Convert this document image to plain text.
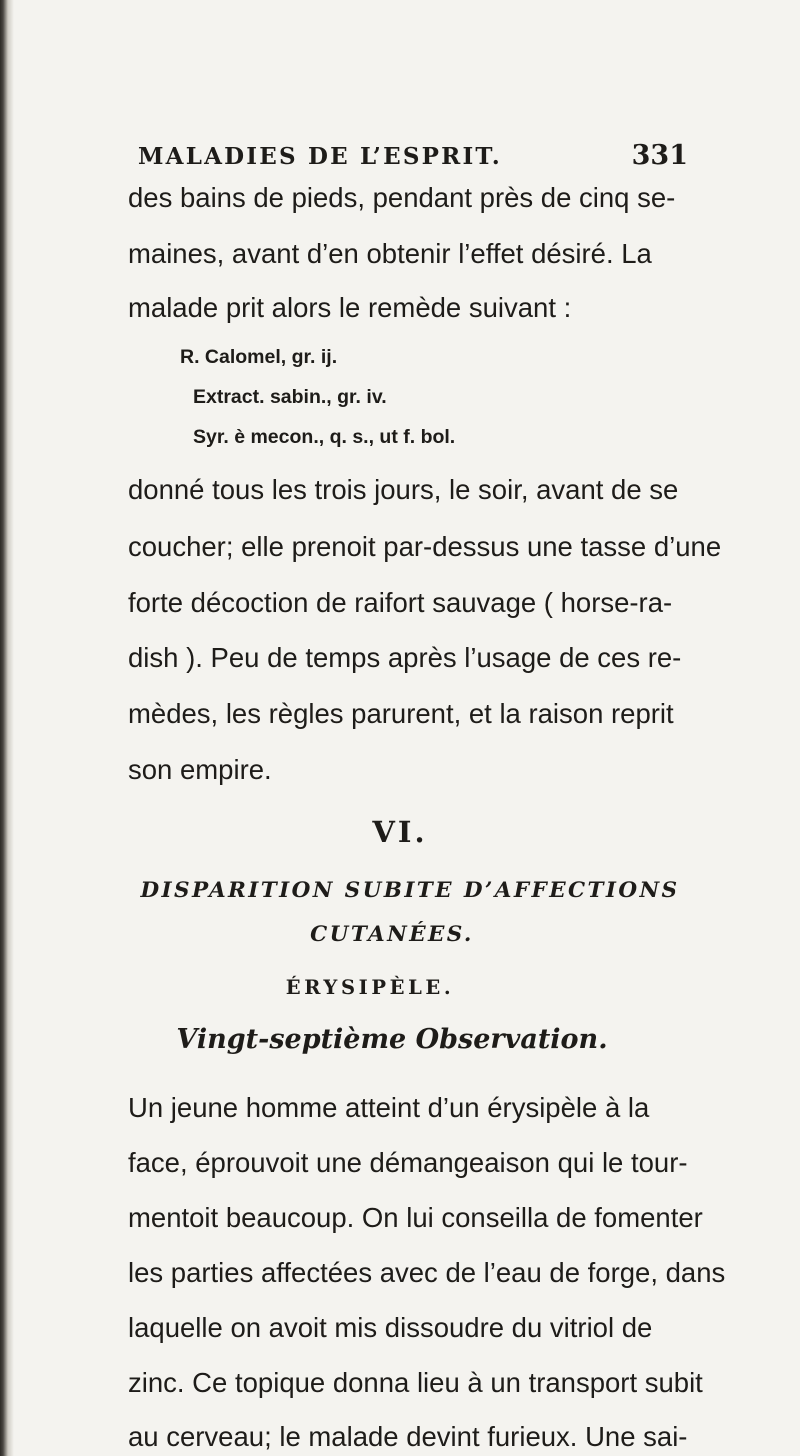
MALADIES DE L’ESPRIT.	331
des bains de pieds, pendant près de cinq se-
maines, avant d’en obtenir l’effet désiré. La
malade prit alors le remède suivant :
R. Calomel, gr. ij.
Extract. sabin., gr. iv.
Syr. è mecon., q. s., ut f. bol.
donné tous les trois jours, le soir, avant de se
coucher; elle prenoit par-dessus une tasse d’une
forte décoction de raifort sauvage ( horse-ra-
dish ). Peu de temps après l’usage de ces re-
mèdes, les règles parurent, et la raison reprit
son empire.
VI.
DISPARITION SUBITE D’AFFECTIONS
CUTANÉES.
ÉRYSIPÈLE.
Vingt-septième Observation.
Un jeune homme atteint d’un érysipèle à la
face, éprouvoit une démangeaison qui le tour-
mentoit beaucoup. On lui conseilla de fomenter
les parties affectées avec de l’eau de forge, dans
laquelle on avoit mis dissoudre du vitriol de
zinc. Ce topique donna lieu à un transport subit
au cerveau; le malade devint furieux. Une sai-
